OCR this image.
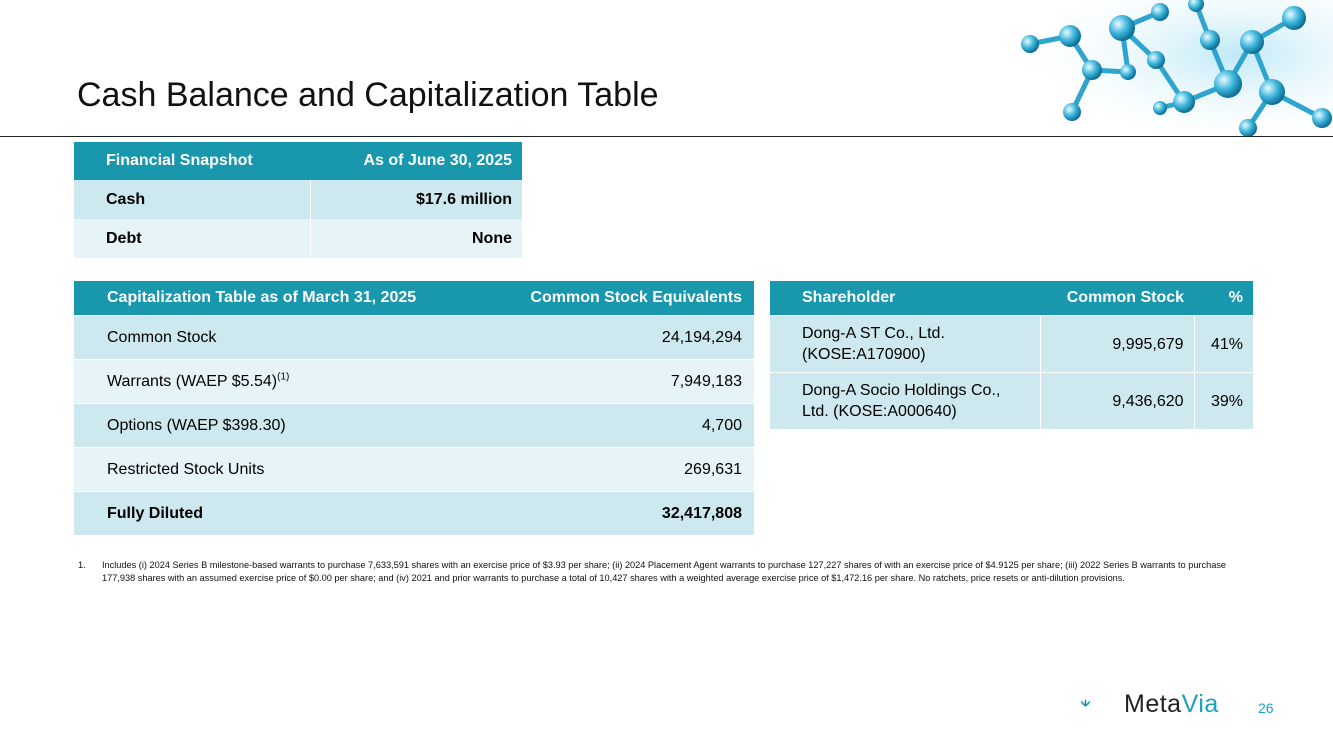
Cash Balance and Capitalization Table
Financial Snapshot	As of June 30, 2025
Cash	$17.6 million
Debt	None
Capitalization Table as of March 31, 2025	Common Stock Equivalents
Common Stock	24,194,294
Warrants (WAEP $5.54)$^{(1)}$	7,949,183
Options (WAEP $398.30)	4,700
Restricted Stock Units	269,631
Fully Diluted	32,417,808
Shareholder	Common Stock	%
Dong-A ST Co., Ltd.
(KOSE:A170900)	9,995,679	41%
Dong-A Socio Holdings Co.,
Ltd. (KOSE:A000640)	9,436,620	39%
1. Includes (i) 2024 Series B milestone-based warrants to purchase 7,633,591 shares with an exercise price of $3.93 per share; (ii) 2024 Placement Agent warrants to purchase 127,227 shares of with an exercise price of $4.9125 per share; (iii) 2022 Series B warrants to purchase 177,938 shares with an assumed exercise price of $0.00 per share; and (iv) 2021 and prior warrants to purchase a total of 10,427 shares with a weighted average exercise price of $1,472.16 per share. No ratchets, price resets or anti-dilution provisions.
MetaVia	26
